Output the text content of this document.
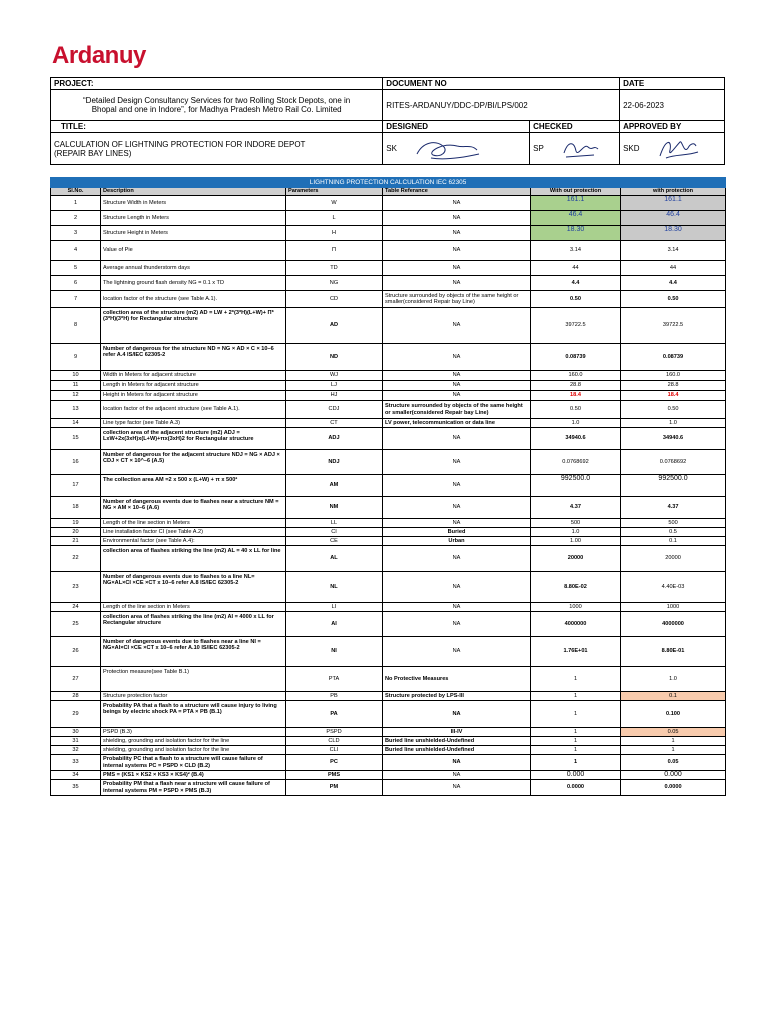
Ardanuy
PROJECT:	DOCUMENT NO		DATE

“Detailed Design Consultancy Services for two Rolling Stock Depots, one in
Bhopal and one in Indore”, for Madhya Pradesh Metro Rail Co. Limited	RITES-ARDANUY/DDC-DP/BI/LPS/002		22-06-2023
TITLE:	DESIGNED	CHECKED	APPROVED BY

CALCULATION OF LIGHTNING PROTECTION FOR INDORE DEPOT
(REPAIR BAY LINES)	SK	SP	SKD
LIGHTNING PROTECTION CALCULATION IEC 62305					
Sl.No.	Description	Parameters	Table Referance	With out protection	with protection
1	Structure Width in Meters	W	NA	161.1	161.1
2	Structure Length in Meters	L	NA	46.4	46.4
3	Structure Height in Meters	H	NA	18.30	18.30
4	Value of Pie	Π	NA	3.14	3.14
5	Average annual thunderstorm days	TD	NA	44	44
6	The lightning ground flash density NG = 0.1 x TD	NG	NA	4.4	4.4
7	location factor of the structure (see Table A.1).	CD	Structure surrounded by objects of the same height or smaller(considered Repair bay Line)	0.50	0.50
8	collection area of the structure (m2) AD = LW + 2*(3*H)(L+W)+ Π*(3*H)(3*H) for Rectangular structure	AD	NA	39722.5	39722.5
9	Number of dangerous for the structure ND = NG × AD × C × 10–6 refer A.4 IS/IEC 62305-2	ND	NA	0.08739	0.08739
10	Width in Meters for adjacent structure	WJ	NA	160.0	160.0
11	Length in Meters for adjacent structure	LJ	NA	28.8	28.8
12	Height in Meters for adjacent structure	HJ	NA	18.4	18.4
13	location factor of the adjacent structure (see Table A.1).	CDJ	Structure surrounded by objects of the same height or smaller(considered Repair bay Line)	0.50	0.50
14	Line type factor (see Table A.3)	CT	LV power, telecommunication or data line	1.0	1.0
15	collection area of the adjacent structure (m2) ADJ = LxW+2x(3xH)x(L+W)+πx(3xH)2 for Rectangular structure	ADJ	NA	34940.6	34940.6
16	Number of dangerous for the adjacent structure NDJ = NG × ADJ × CDJ × CT × 10^–6 (A.5)	NDJ	NA	0.0768692	0.0768692
17	The collection area AM =2 x 500 x (L+W) + π x 500²	AM	NA	992500.0	992500.0
18	Number of dangerous events due to flashes near a structure NM = NG × AM × 10–6 (A.6)	NM	NA	4.37	4.37
19	Length of the line section in Meters	LL	NA	500	500
20	Line installation factor CI (see Table A.2)	CI	Buried	1.0	0.5
21	Environmental factor (see Table A.4):	CE	Urban	1.00	0.1
22	collection area of flashes striking the line (m2) AL = 40 x LL for line	AL	NA	20000	20000
23	Number of dangerous events due to flashes to a line NL= NG×AL×CI ×CE ×CT x 10–6 refer A.8 IS/IEC 62305-2	NL	NA	8.80E-02	4.40E-03
24	Length of the line section in Meters	LI	NA	1000	1000
25	collection area of flashes striking the line (m2) AI = 4000 x LL for Rectangular structure	AI	NA	4000000	4000000
26	Number of dangerous events due to flashes near a line NI = NG×AI×CI ×CE ×CT x 10–6 refer A.10 IS/IEC 62305-2	NI	NA	1.76E+01	8.80E-01
27	Protection measure(see Table B.1)	PTA	No Protective Measures	1	1.0
28	Structure protection factor	PB	Structure protected by LPS-III	1	0.1
29	Probability PA that a flash to a structure will cause injury to living beings by electric shock PA = PTA × PB (B.1)	PA	NA	1	0.100
30	PSPD (B.3)	PSPD	III-IV	1	0.05
31	shielding, grounding and isolation factor for the line	CLD	Buried line unshielded-Undefined	1	1
32	shielding, grounding and isolation factor for the line	CLI	Buried line unshielded-Undefined	1	1
33	Probability PC that a flash to a structure will cause failure of internal systems PC = PSPD × CLD (B.2)	PC	NA	1	0.05
34	PMS = (KS1 × KS2 × KS3 × KS4)² (B.4)	PMS	NA	0.000	0.000
35	Probability PM that a flash near a structure will cause failure of internal systems PM = PSPD × PMS (B.3)	PM	NA	0.0000	0.0000
